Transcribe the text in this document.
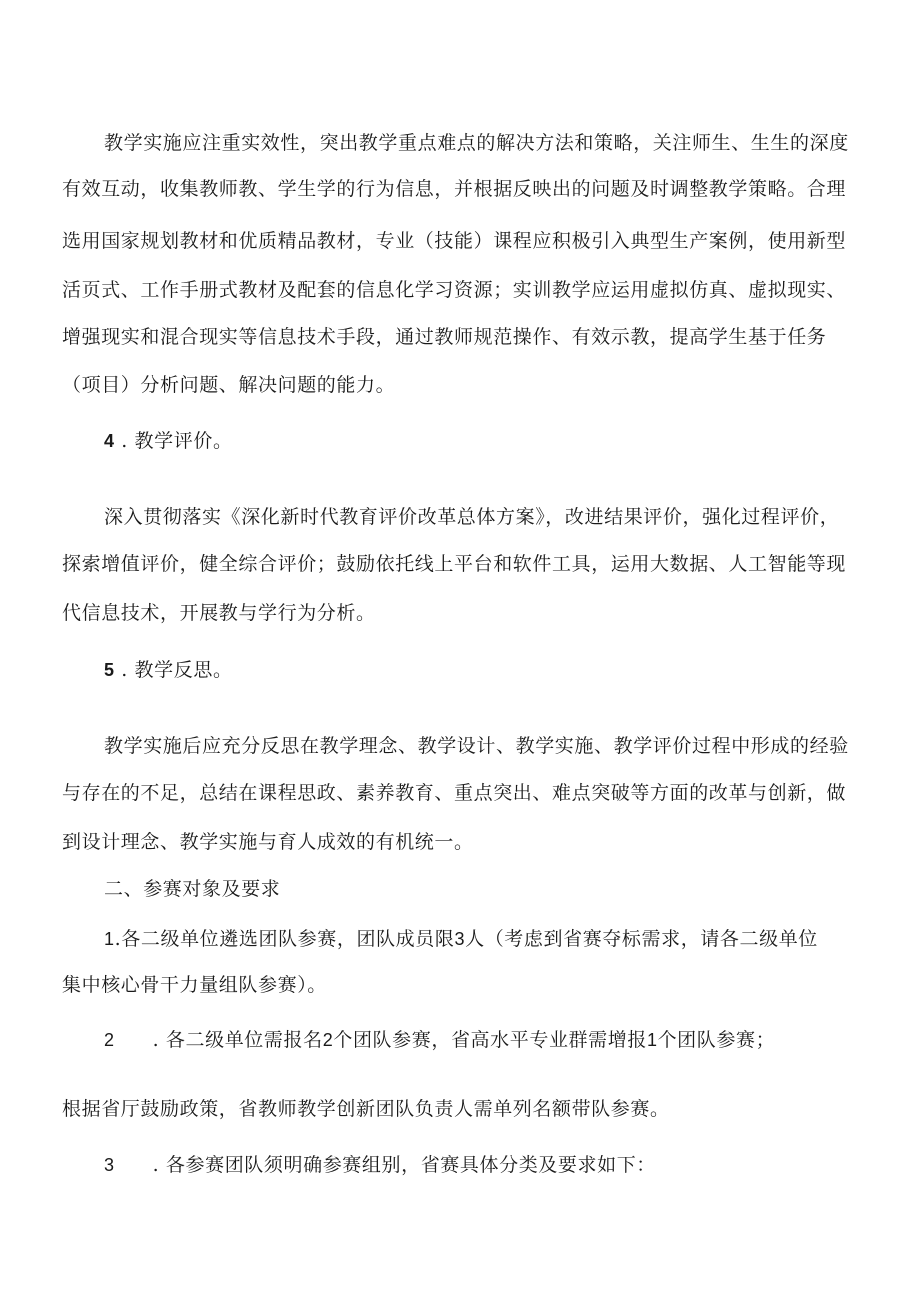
教学实施应注重实效性，突出教学重点难点的解决方法和策略，关注师生、生生的深度
有效互动，收集教师教、学生学的行为信息，并根据反映出的问题及时调整教学策略。合理
选用国家规划教材和优质精品教材，专业（技能）课程应积极引入典型生产案例，使用新型
活页式、工作手册式教材及配套的信息化学习资源；实训教学应运用虚拟仿真、虚拟现实、
增强现实和混合现实等信息技术手段，通过教师规范操作、有效示教，提高学生基于任务
（项目）分析问题、解决问题的能力。
4 . 教学评价。
深入贯彻落实《深化新时代教育评价改革总体方案》，改进结果评价，强化过程评价，
探索增值评价，健全综合评价；鼓励依托线上平台和软件工具，运用大数据、人工智能等现
代信息技术，开展教与学行为分析。
5 . 教学反思。
教学实施后应充分反思在教学理念、教学设计、教学实施、教学评价过程中形成的经验
与存在的不足，总结在课程思政、素养教育、重点突出、难点突破等方面的改革与创新，做
到设计理念、教学实施与育人成效的有机统一。
二、参赛对象及要求
1.各二级单位遴选团队参赛，团队成员限3人（考虑到省赛夺标需求，请各二级单位
集中核心骨干力量组队参赛）。
2 . 各二级单位需报名2个团队参赛，省高水平专业群需增报1个团队参赛；
根据省厅鼓励政策，省教师教学创新团队负责人需单列名额带队参赛。
3 . 各参赛团队须明确参赛组别，省赛具体分类及要求如下：
